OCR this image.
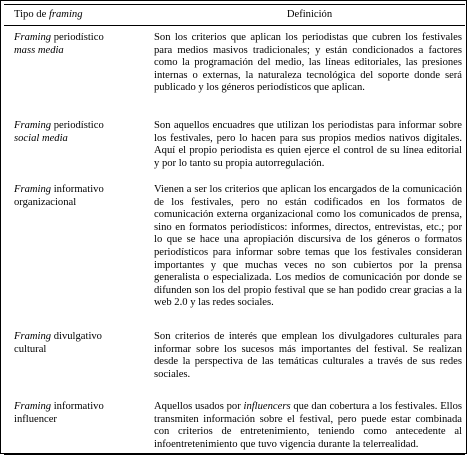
Tipo de framing	Definición

Framing periodístico
mass media	Son los criterios que aplican los periodistas que cubren los festivales para medios masivos tradicionales; y están condicionados a factores como la programación del medio, las líneas editoriales, las presiones internas o externas, la naturaleza tecnológica del soporte donde será publicado y los géneros periodísticos que aplican.

Framing periodístico
social media	Son aquellos encuadres que utilizan los periodistas para informar sobre los festivales, pero lo hacen para sus propios medios nativos digitales. Aquí el propio periodista es quien ejerce el control de su línea editorial y por lo tanto su propia autorregulación.

Framing informativo
organizacional	Vienen a ser los criterios que aplican los encargados de la comunicación de los festivales, pero no están codificados en los formatos de comunicación externa organizacional como los comunicados de prensa, sino en formatos periodísticos: informes, directos, entrevistas, etc.; por lo que se hace una apropiación discursiva de los géneros o formatos periodísticos para informar sobre temas que los festivales consideran importantes y que muchas veces no son cubiertos por la prensa generalista o especializada. Los medios de comunicación por donde se difunden son los del propio festival que se han podido crear gracias a la web 2.0 y las redes sociales.

Framing divulgativo
cultural	Son criterios de interés que emplean los divulgadores culturales para informar sobre los sucesos más importantes del festival. Se realizan desde la perspectiva de las temáticas culturales a través de sus redes sociales.

Framing informativo
influencer	Aquellos usados por influencers que dan cobertura a los festivales. Ellos transmiten información sobre el festival, pero puede estar combinada con criterios de entretenimiento, teniendo como antecedente al infoentretenimiento que tuvo vigencia durante la telerrealidad.
